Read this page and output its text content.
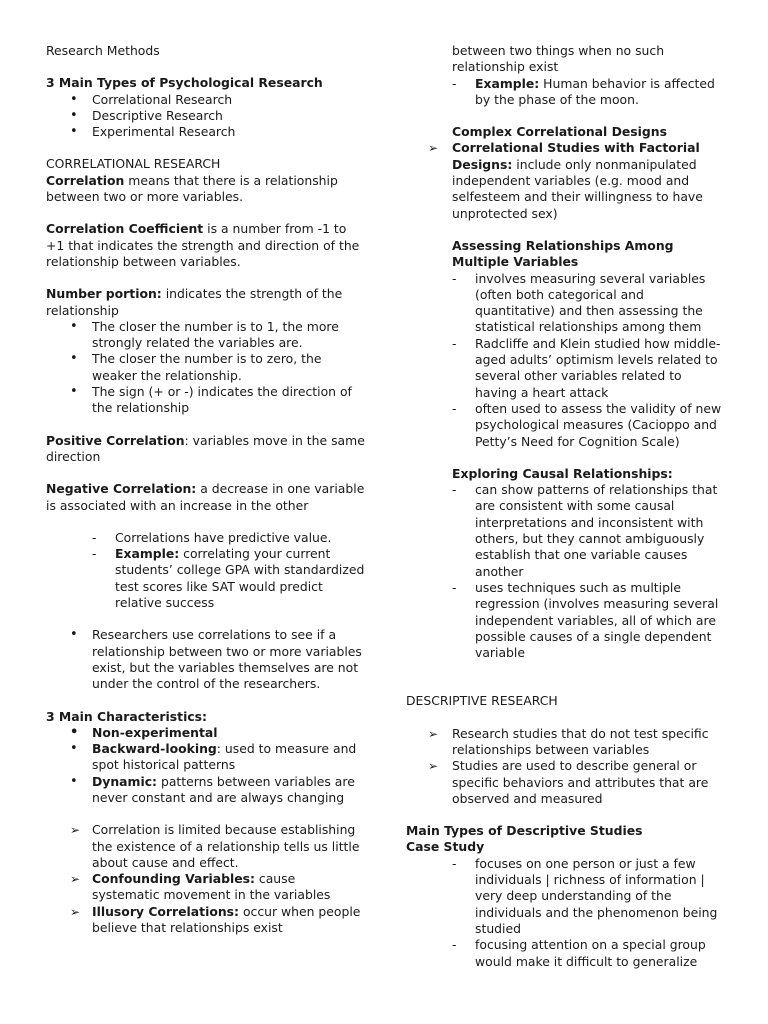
Research Methods

3 Main Types of Psychological Research

• Correlational Research
• Descriptive Research
• Experimental Research

CORRELATIONAL RESEARCH

Correlation means that there is a relationship between two or more variables.

Correlation Coefficient is a number from -1 to +1 that indicates the strength and direction of the relationship between variables.

Number portion: indicates the strength of the relationship

• The closer the number is to 1, the more strongly related the variables are.
• The closer the number is to zero, the weaker the relationship.
• The sign (+ or -) indicates the direction of the relationship

Positive Correlation: variables move in the same direction

Negative Correlation: a decrease in one variable is associated with an increase in the other

- Correlations have predictive value.
- Example: correlating your current students’ college GPA with standardized test scores like SAT would predict relative success
• Researchers use correlations to see if a relationship between two or more variables exist, but the variables themselves are not under the control of the researchers.

3 Main Characteristics:

• Non-experimental
• Backward-looking: used to measure and spot historical patterns
• Dynamic: patterns between variables are never constant and are always changing
➢ Correlation is limited because establishing the existence of a relationship tells us little about cause and effect.
➢ Confounding Variables: cause systematic movement in the variables
➢ Illusory Correlations: occur when people believe that relationships exist
between two things when no such relationship exist
- Example: Human behavior is affected by the phase of the moon.

Complex Correlational Designs

➢ Correlational Studies with Factorial Designs: include only nonmanipulated independent variables (e.g. mood and selfesteem and their willingness to have unprotected sex)

Assessing Relationships Among Multiple Variables

- involves measuring several variables (often both categorical and quantitative) and then assessing the statistical relationships among them
- Radcliffe and Klein studied how middle-aged adults’ optimism levels related to several other variables related to having a heart attack
- often used to assess the validity of new psychological measures (Cacioppo and Petty’s Need for Cognition Scale)

Exploring Causal Relationships:

- can show patterns of relationships that are consistent with some causal interpretations and inconsistent with others, but they cannot ambiguously establish that one variable causes another
- uses techniques such as multiple regression (involves measuring several independent variables, all of which are possible causes of a single dependent variable

DESCRIPTIVE RESEARCH

➢ Research studies that do not test specific relationships between variables
➢ Studies are used to describe general or specific behaviors and attributes that are observed and measured

Main Types of Descriptive Studies

Case Study

- focuses on one person or just a few individuals | richness of information | very deep understanding of the individuals and the phenomenon being studied
- focusing attention on a special group would make it difficult to generalize
